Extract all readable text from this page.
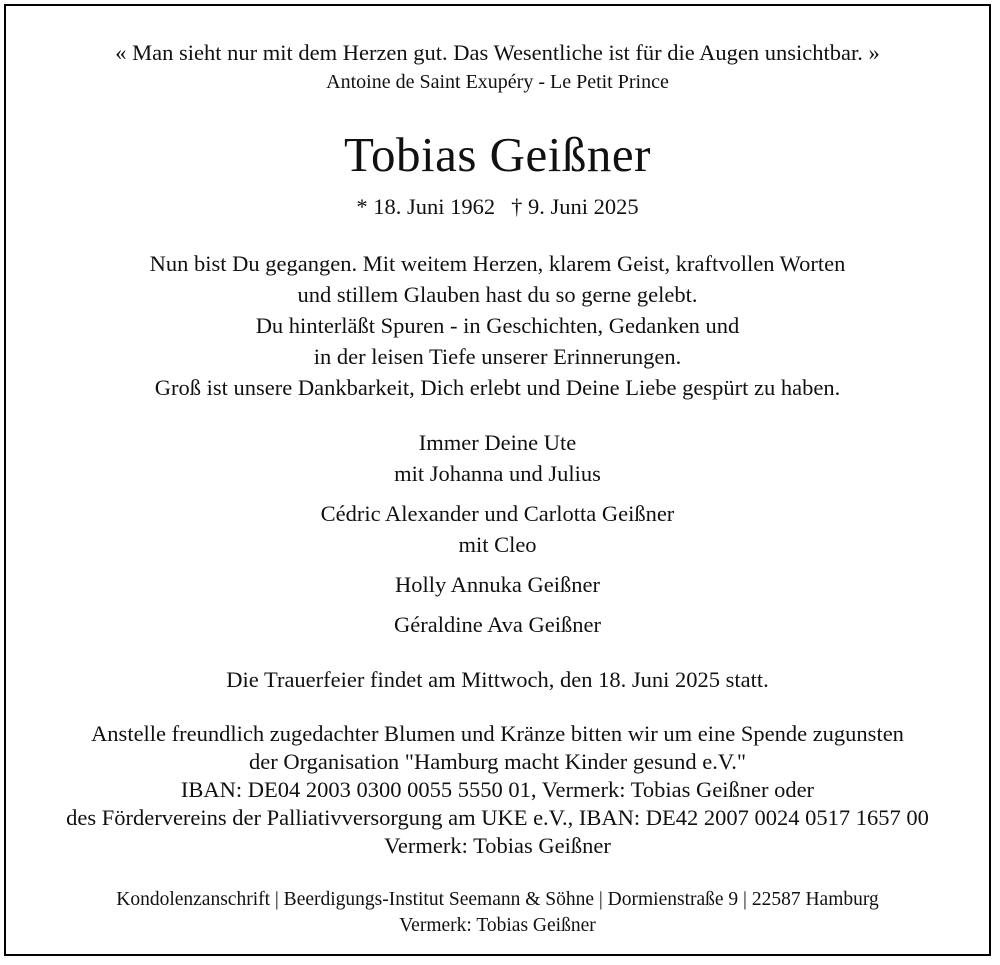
« Man sieht nur mit dem Herzen gut. Das Wesentliche ist für die Augen unsichtbar. »
Antoine de Saint Exupéry - Le Petit Prince
Tobias Geißner
* 18. Juni 1962 † 9. Juni 2025
Nun bist Du gegangen. Mit weitem Herzen, klarem Geist, kraftvollen Worten
und stillem Glauben hast du so gerne gelebt.
Du hinterläßt Spuren - in Geschichten, Gedanken und
in der leisen Tiefe unserer Erinnerungen.
Groß ist unsere Dankbarkeit, Dich erlebt und Deine Liebe gespürt zu haben.
Immer Deine Ute
mit Johanna und Julius
Cédric Alexander und Carlotta Geißner
mit Cleo
Holly Annuka Geißner
Géraldine Ava Geißner
Die Trauerfeier findet am Mittwoch, den 18. Juni 2025 statt.
Anstelle freundlich zugedachter Blumen und Kränze bitten wir um eine Spende zugunsten
der Organisation "Hamburg macht Kinder gesund e.V."
IBAN: DE04 2003 0300 0055 5550 01, Vermerk: Tobias Geißner oder
des Fördervereins der Palliativversorgung am UKE e.V., IBAN: DE42 2007 0024 0517 1657 00
Vermerk: Tobias Geißner
Kondolenzanschrift | Beerdigungs-Institut Seemann & Söhne | Dormienstraße 9 | 22587 Hamburg
Vermerk: Tobias Geißner
